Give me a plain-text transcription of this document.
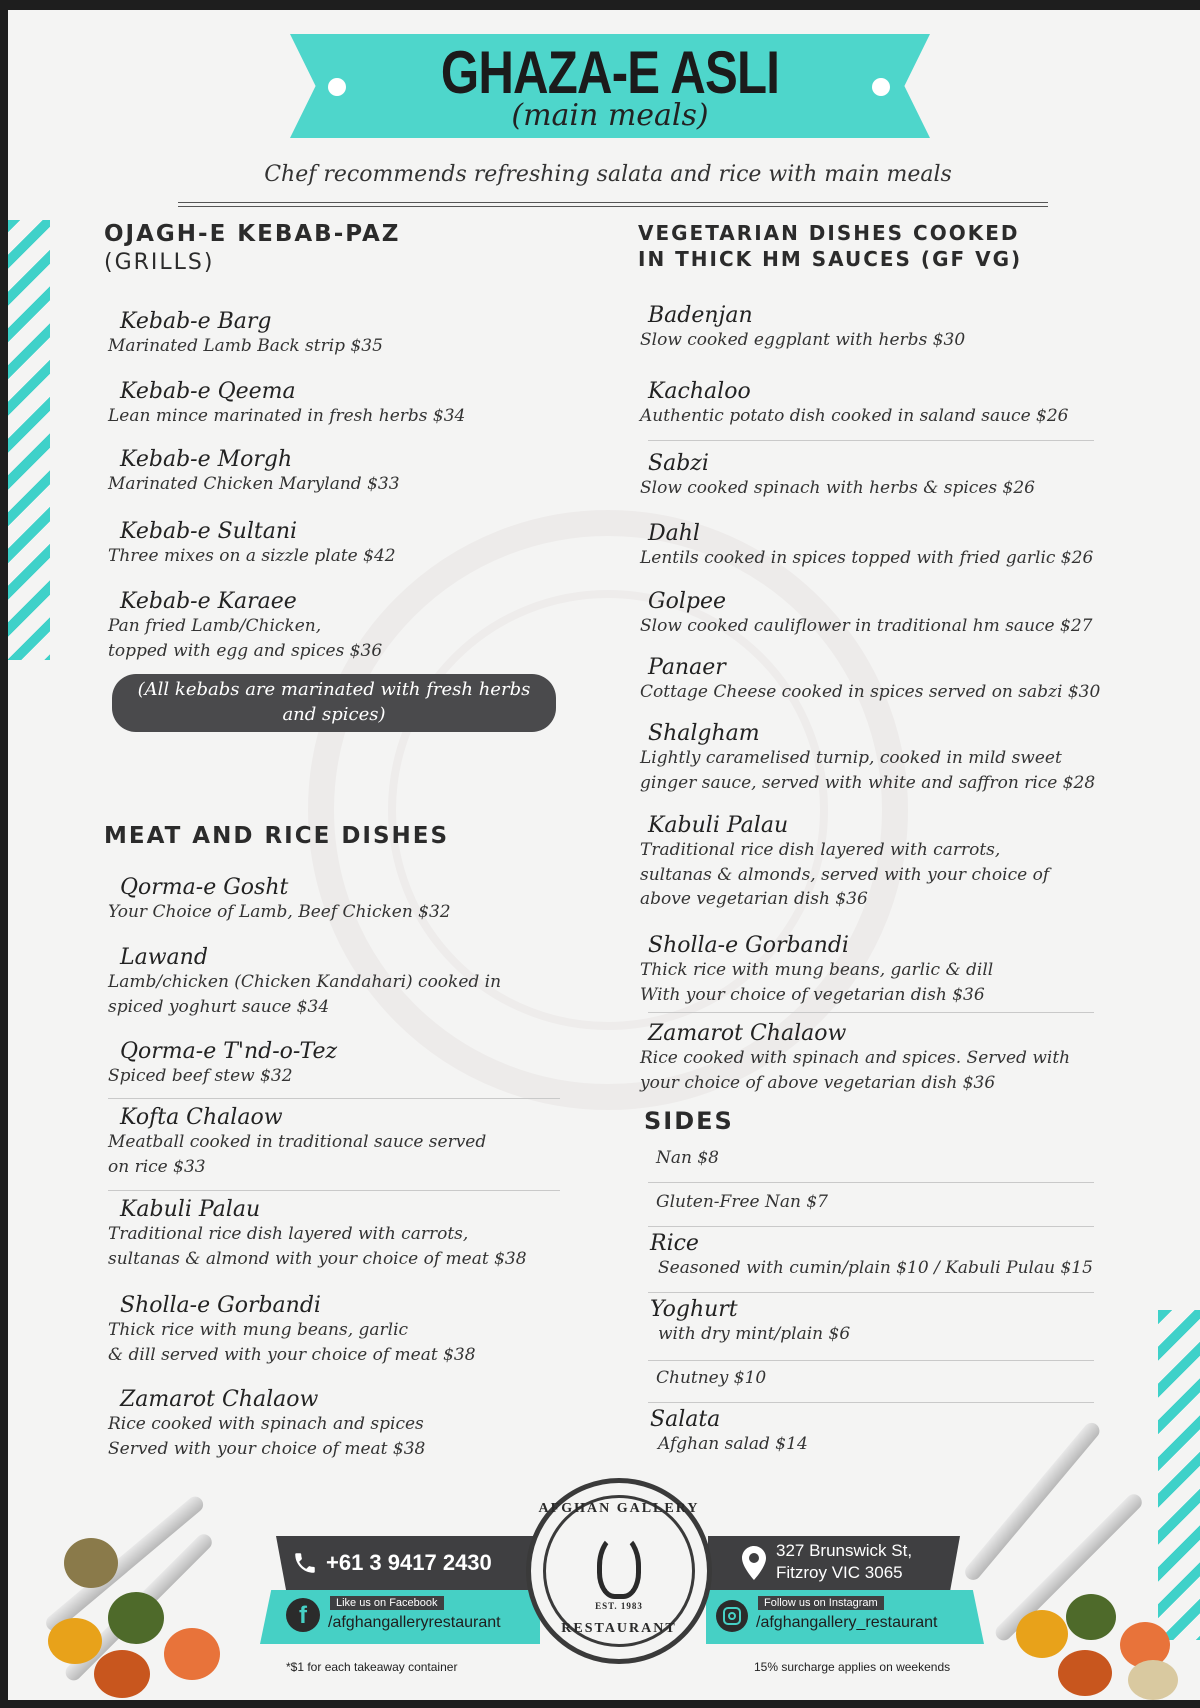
GHAZA-E ASLI
(main meals)
Chef recommends refreshing salata and rice with main meals
OJAGH-E KEBAB-PAZ
(GRILLS)
Kebab-e Barg
Marinated Lamb Back strip $35
Kebab-e Qeema
Lean mince marinated in fresh herbs $34
Kebab-e Morgh
Marinated Chicken Maryland $33
Kebab-e Sultani
Three mixes on a sizzle plate $42
Kebab-e Karaee
Pan fried Lamb/Chicken,
topped with egg and spices $36
(All kebabs are marinated with fresh herbs
and spices)
MEAT AND RICE DISHES
Qorma-e Gosht
Your Choice of Lamb, Beef Chicken $32
Lawand
Lamb/chicken (Chicken Kandahari) cooked in
spiced yoghurt sauce $34
Qorma-e T'nd-o-Tez
Spiced beef stew $32
Kofta Chalaow
Meatball cooked in traditional sauce served
on rice $33
Kabuli Palau
Traditional rice dish layered with carrots,
sultanas & almond with your choice of meat $38
Sholla-e Gorbandi
Thick rice with mung beans, garlic
& dill served with your choice of meat $38
Zamarot Chalaow
Rice cooked with spinach and spices
Served with your choice of meat $38
VEGETARIAN DISHES COOKED
IN THICK HM SAUCES (GF VG)
Badenjan
Slow cooked eggplant with herbs $30
Kachaloo
Authentic potato dish cooked in saland sauce $26
Sabzi
Slow cooked spinach with herbs & spices $26
Dahl
Lentils cooked in spices topped with fried garlic $26
Golpee
Slow cooked cauliflower in traditional hm sauce $27
Panaer
Cottage Cheese cooked in spices served on sabzi $30
Shalgham
Lightly caramelised turnip, cooked in mild sweet
ginger sauce, served with white and saffron rice $28
Kabuli Palau
Traditional rice dish layered with carrots,
sultanas & almonds, served with your choice of
above vegetarian dish $36
Sholla-e Gorbandi
Thick rice with mung beans, garlic & dill
With your choice of vegetarian dish $36
Zamarot Chalaow
Rice cooked with spinach and spices. Served with
your choice of above vegetarian dish $36
SIDES
Nan $8
Gluten-Free Nan $7
Rice
Seasoned with cumin/plain $10 / Kabuli Pulau $15
Yoghurt
with dry mint/plain $6
Chutney $10
Salata
Afghan salad $14
+61 3 9417 2430	327 Brunswick St,
Fitzroy VIC 3065
f	Like us on Facebook
/afghangalleryrestaurant
Follow us on Instagram
/afghangallery_restaurant
AFGHAN GALLERY
EST. 1983
RESTAURANT
*$1 for each takeaway container	15% surcharge applies on weekends
